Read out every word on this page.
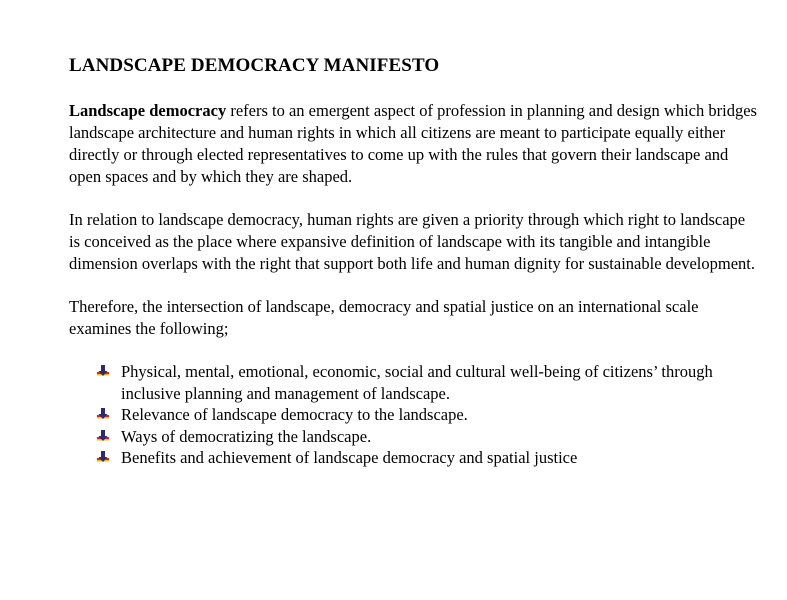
LANDSCAPE DEMOCRACY MANIFESTO

Landscape democracy refers to an emergent aspect of profession in planning and design which bridges landscape architecture and human rights in which all citizens are meant to participate equally either directly or through elected representatives to come up with the rules that govern their landscape and open spaces and by which they are shaped.

In relation to landscape democracy, human rights are given a priority through which right to landscape is conceived as the place where expansive definition of landscape with its tangible and intangible dimension overlaps with the right that support both life and human dignity for sustainable development.

Therefore, the intersection of landscape, democracy and spatial justice on an international scale examines the following;

Physical, mental, emotional, economic, social and cultural well-being of citizens’ through inclusive planning and management of landscape.
Relevance of landscape democracy to the landscape.
Ways of democratizing the landscape.
Benefits and achievement of landscape democracy and spatial justice
